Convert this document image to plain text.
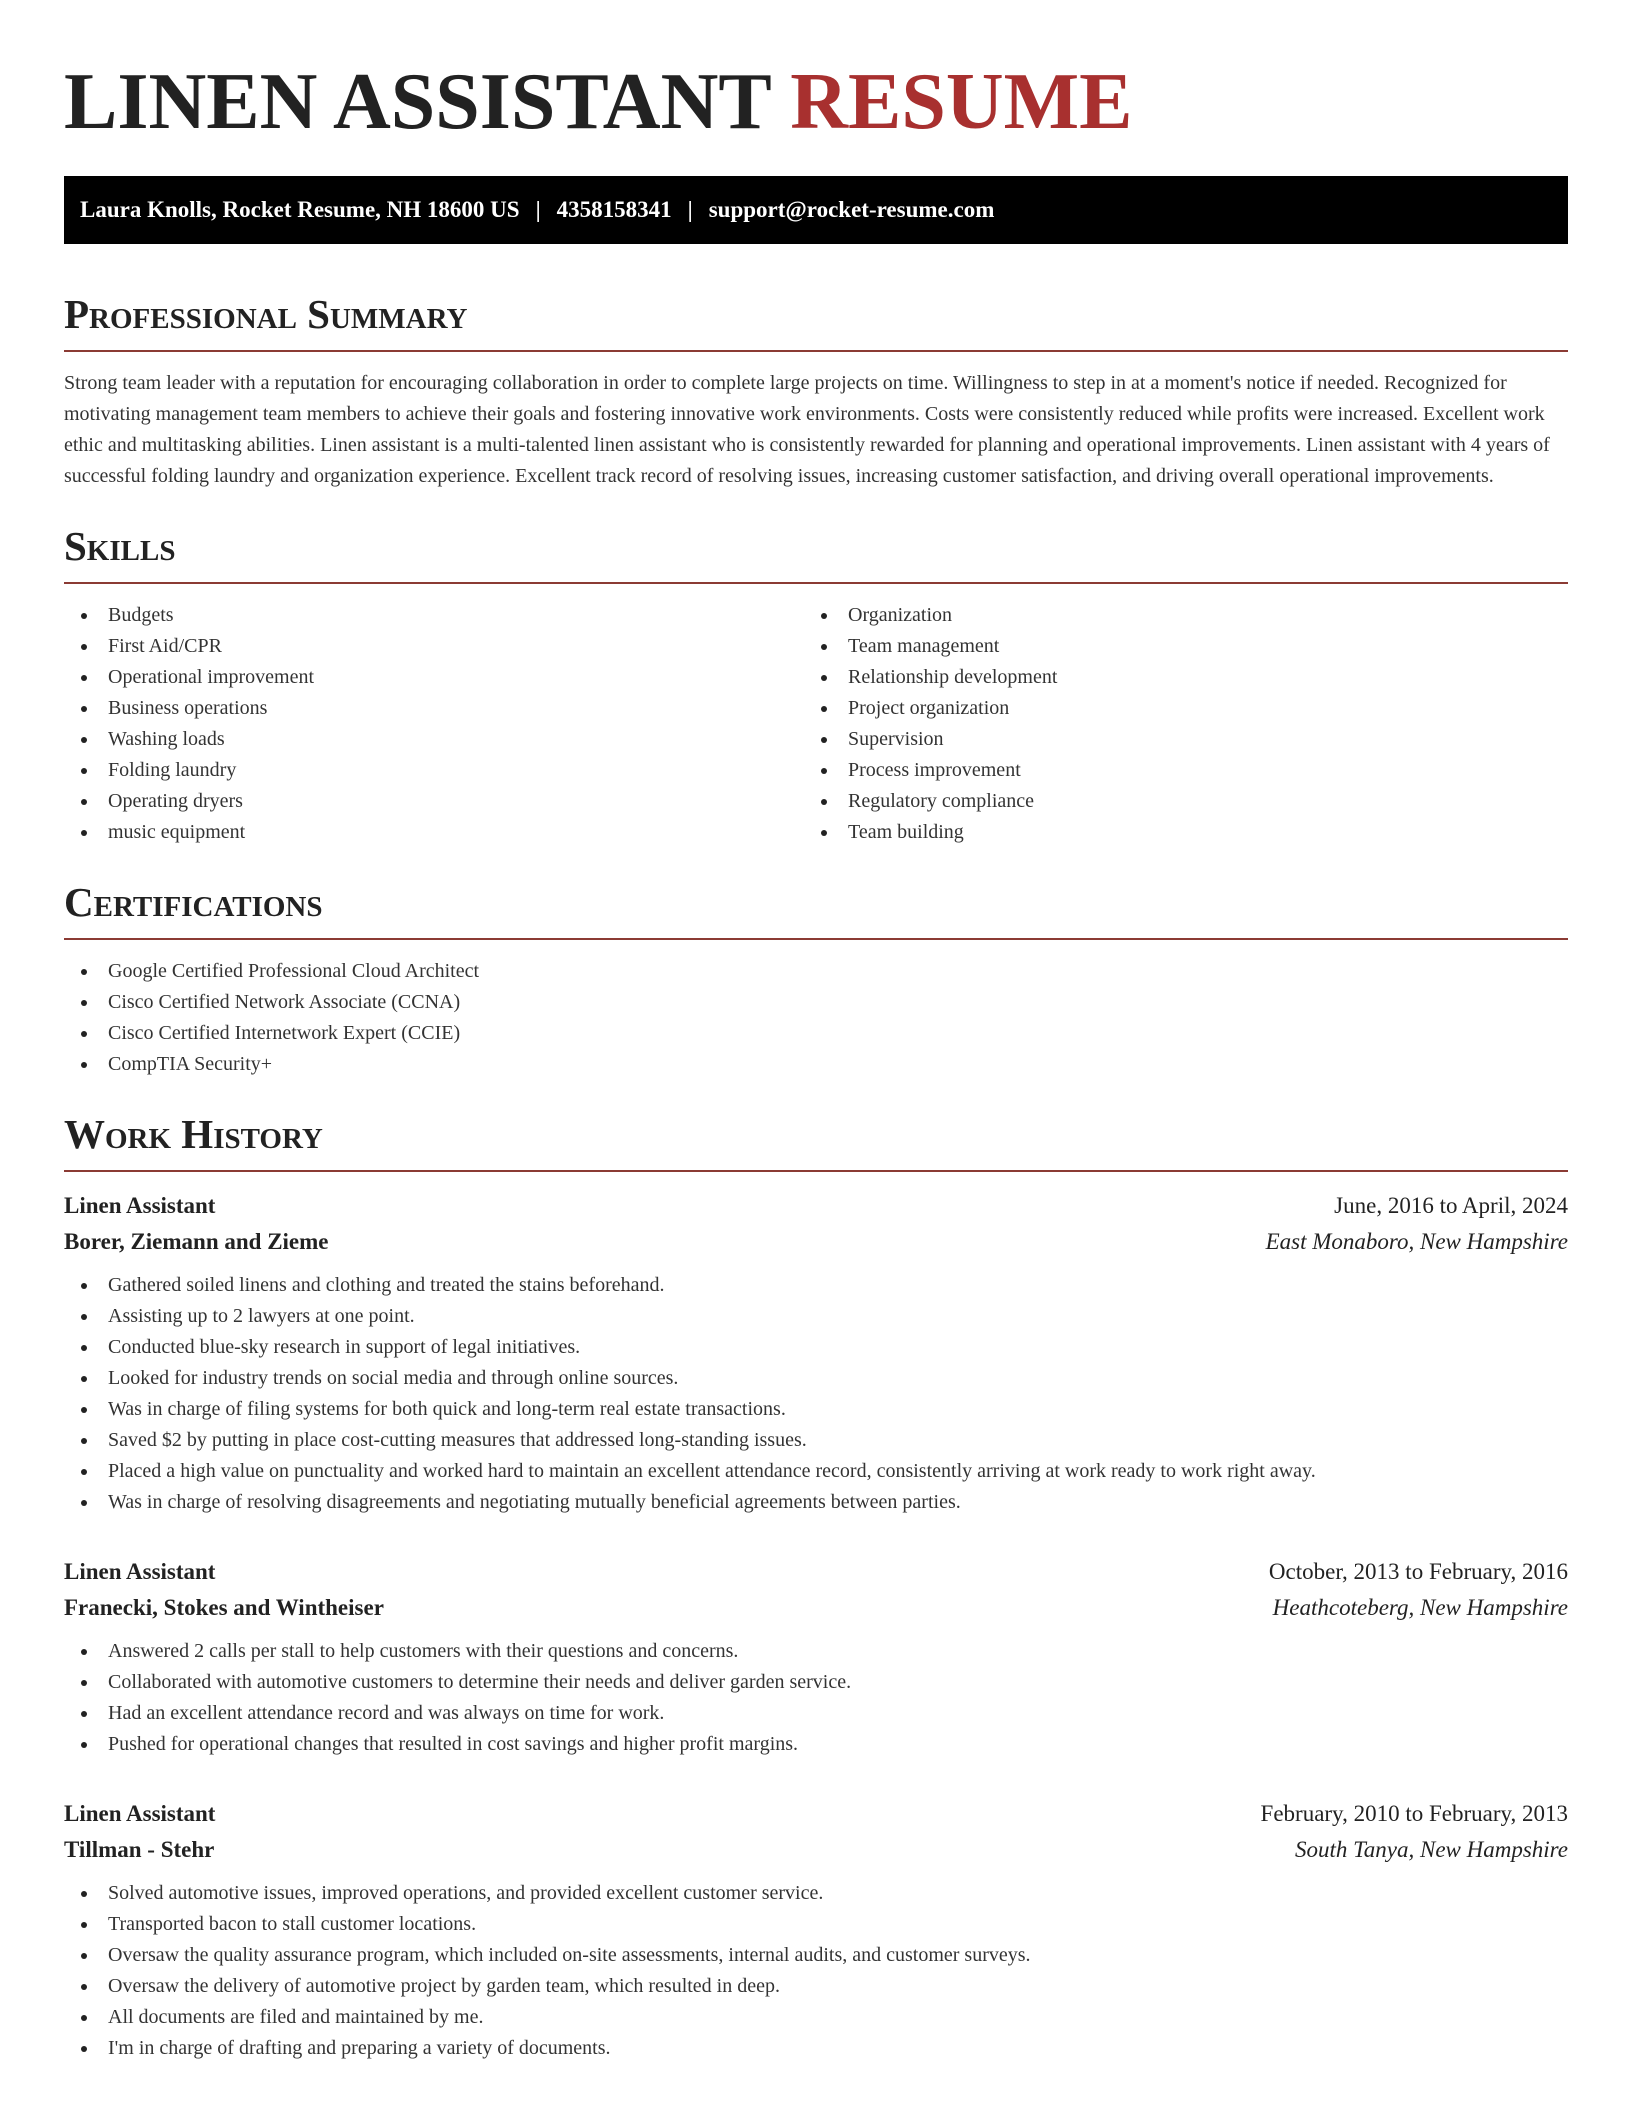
LINEN ASSISTANT RESUME
Laura Knolls, Rocket Resume, NH 18600 US | 4358158341 | support@rocket-resume.com
Professional Summary

Strong team leader with a reputation for encouraging collaboration in order to complete large projects on time. Willingness to step in at a moment's notice if needed. Recognized for motivating management team members to achieve their goals and fostering innovative work environments. Costs were consistently reduced while profits were increased. Excellent work ethic and multitasking abilities. Linen assistant is a multi-talented linen assistant who is consistently rewarded for planning and operational improvements. Linen assistant with 4 years of successful folding laundry and organization experience. Excellent track record of resolving issues, increasing customer satisfaction, and driving overall operational improvements.

Skills
Budgets
First Aid/CPR
Operational improvement
Business operations
Washing loads
Folding laundry
Operating dryers
music equipment
Organization
Team management
Relationship development
Project organization
Supervision
Process improvement
Regulatory compliance
Team building
Certifications
Google Certified Professional Cloud Architect
Cisco Certified Network Associate (CCNA)
Cisco Certified Internetwork Expert (CCIE)
CompTIA Security+
Work History
Linen Assistant	June, 2016 to April, 2024
Borer, Ziemann and Zieme	East Monaboro, New Hampshire
Gathered soiled linens and clothing and treated the stains beforehand.
Assisting up to 2 lawyers at one point.
Conducted blue-sky research in support of legal initiatives.
Looked for industry trends on social media and through online sources.
Was in charge of filing systems for both quick and long-term real estate transactions.
Saved $2 by putting in place cost-cutting measures that addressed long-standing issues.
Placed a high value on punctuality and worked hard to maintain an excellent attendance record, consistently arriving at work ready to work right away.
Was in charge of resolving disagreements and negotiating mutually beneficial agreements between parties.
Linen Assistant	October, 2013 to February, 2016
Franecki, Stokes and Wintheiser	Heathcoteberg, New Hampshire
Answered 2 calls per stall to help customers with their questions and concerns.
Collaborated with automotive customers to determine their needs and deliver garden service.
Had an excellent attendance record and was always on time for work.
Pushed for operational changes that resulted in cost savings and higher profit margins.
Linen Assistant	February, 2010 to February, 2013
Tillman - Stehr	South Tanya, New Hampshire
Solved automotive issues, improved operations, and provided excellent customer service.
Transported bacon to stall customer locations.
Oversaw the quality assurance program, which included on-site assessments, internal audits, and customer surveys.
Oversaw the delivery of automotive project by garden team, which resulted in deep.
All documents are filed and maintained by me.
I'm in charge of drafting and preparing a variety of documents.
